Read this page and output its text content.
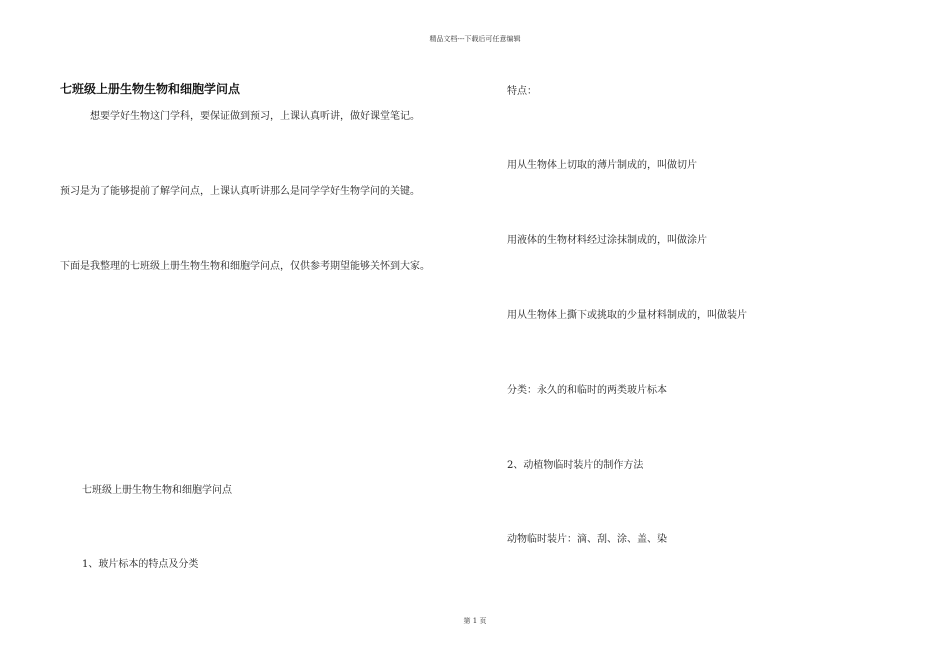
精品文档---下载后可任意编辑
七班级上册生物生物和细胞学问点
想要学好生物这门学科，要保证做到预习，上课认真听讲，做好课堂笔记。
预习是为了能够提前了解学问点，上课认真听讲那么是同学学好生物学问的关键。
下面是我整理的七班级上册生物生物和细胞学问点，仅供参考期望能够关怀到大家。
七班级上册生物生物和细胞学问点
1、玻片标本的特点及分类
特点：
用从生物体上切取的薄片制成的，叫做切片
用液体的生物材料经过涂抹制成的，叫做涂片
用从生物体上撕下或挑取的少量材料制成的，叫做装片
分类：永久的和临时的两类玻片标本
2、动植物临时装片的制作方法
动物临时装片：滴、刮、涂、盖、染
第 1 页
